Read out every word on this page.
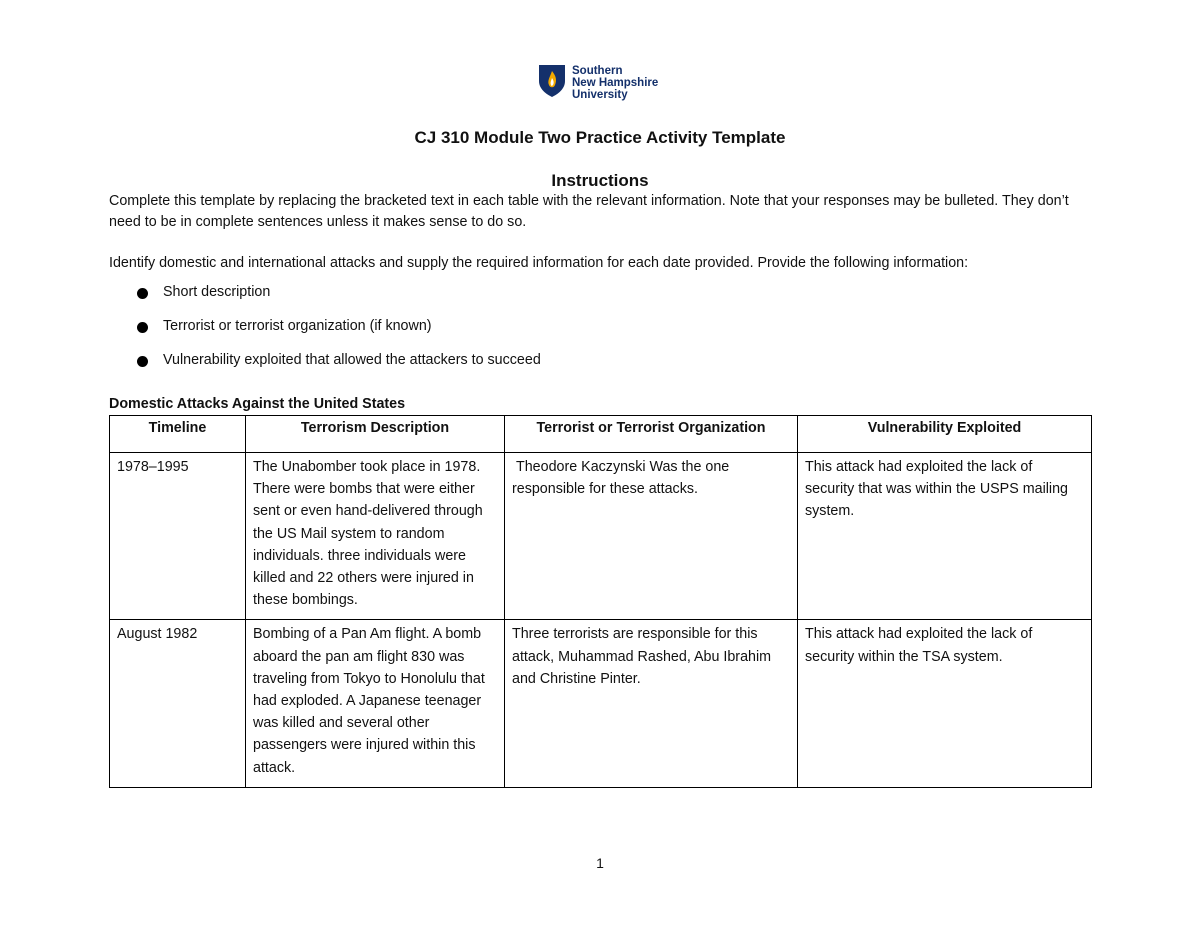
Southern
New Hampshire
University
CJ 310 Module Two Practice Activity Template
Instructions
Complete this template by replacing the bracketed text in each table with the relevant information. Note that your responses may be bulleted. They don’t need to be in complete sentences unless it makes sense to do so.
Identify domestic and international attacks and supply the required information for each date provided. Provide the following information:
Short description
Terrorist or terrorist organization (if known)
Vulnerability exploited that allowed the attackers to succeed
Domestic Attacks Against the United States
Timeline	Terrorism Description	Terrorist or Terrorist Organization	Vulnerability Exploited
1978–1995	The Unabomber took place in 1978. There were bombs that were either sent or even hand-delivered through the US Mail system to random individuals. three individuals were killed and 22 others were injured in these bombings.	Theodore Kaczynski Was the one responsible for these attacks.	This attack had exploited the lack of security that was within the USPS mailing system.
August 1982	Bombing of a Pan Am flight. A bomb aboard the pan am flight 830 was traveling from Tokyo to Honolulu that had exploded. A Japanese teenager was killed and several other passengers were injured within this attack.	Three terrorists are responsible for this attack, Muhammad Rashed, Abu Ibrahim and Christine Pinter.	This attack had exploited the lack of security within the TSA system.
1
